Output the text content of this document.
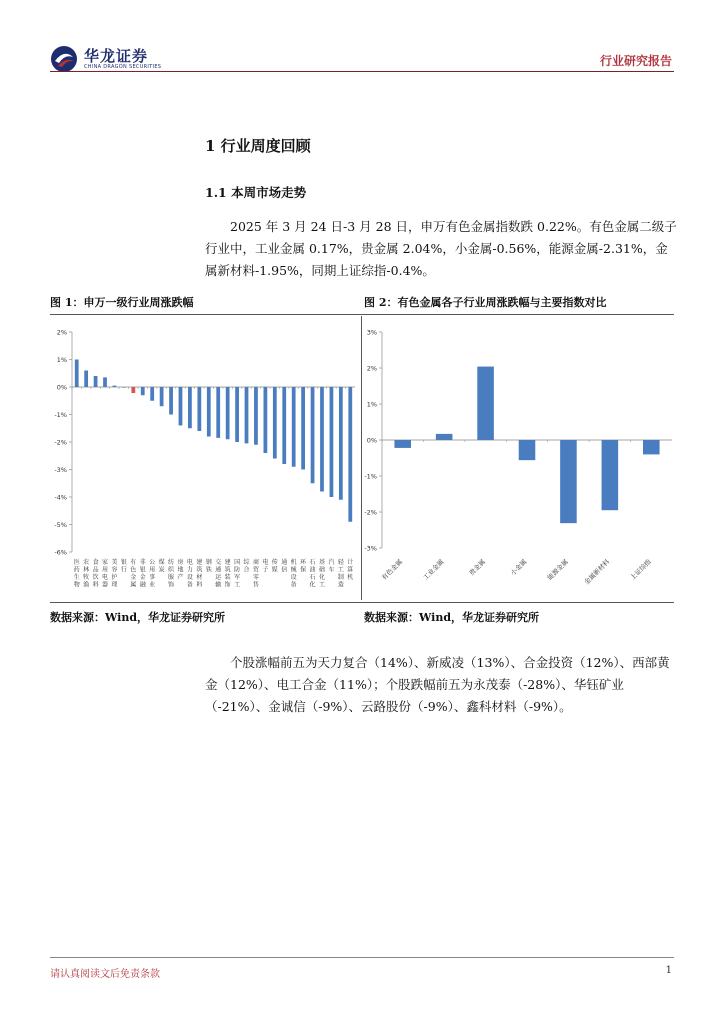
华龙证券
CHINA DRAGON SECURITIES	行业研究报告
1 行业周度回顾
1.1 本周市场走势
2025 年 3 月 24 日-3 月 28 日，申万有色金属指数跌 0.22%。有色金属二级子行业中，工业金属 0.17%，贵金属 2.04%，小金属-0.56%，能源金属-2.31%，金属新材料-1.95%，同期上证综指-0.4%。
图 1：申万一级行业周涨跌幅	图 2：有色金属各子行业周涨跌幅与主要指数对比
2%
1%
0%
-1%
-2%
-3%
-4%
-5%
-6%
医药生物
农林牧渔
食品饮料
家用电器
美容护理
银行
有色金属
非银金融
公用事业
煤炭
纺织服饰
房地产
电力设备
建筑材料
钢铁
交通运输
建筑装饰
国防军工
综合
商贸零售
电子
传媒
通信
机械设备
环保
石油石化
基础化工
汽车
轻工制造
计算机
3%
2%
1%
0%
-1%
-2%
-3%
有色金属	工业金属	贵金属	小金属	能源金属 金属新材料	上证综指
数据来源：Wind，华龙证券研究所	数据来源：Wind，华龙证券研究所
个股涨幅前五为天力复合（14%）、新威凌（13%）、合金投资（12%）、西部黄金（12%）、电工合金（11%）；个股跌幅前五为永茂泰（-28%）、华钰矿业（-21%）、金诚信（-9%）、云路股份（-9%）、鑫科材料（-9%）。
请认真阅读文后免责条款	1
